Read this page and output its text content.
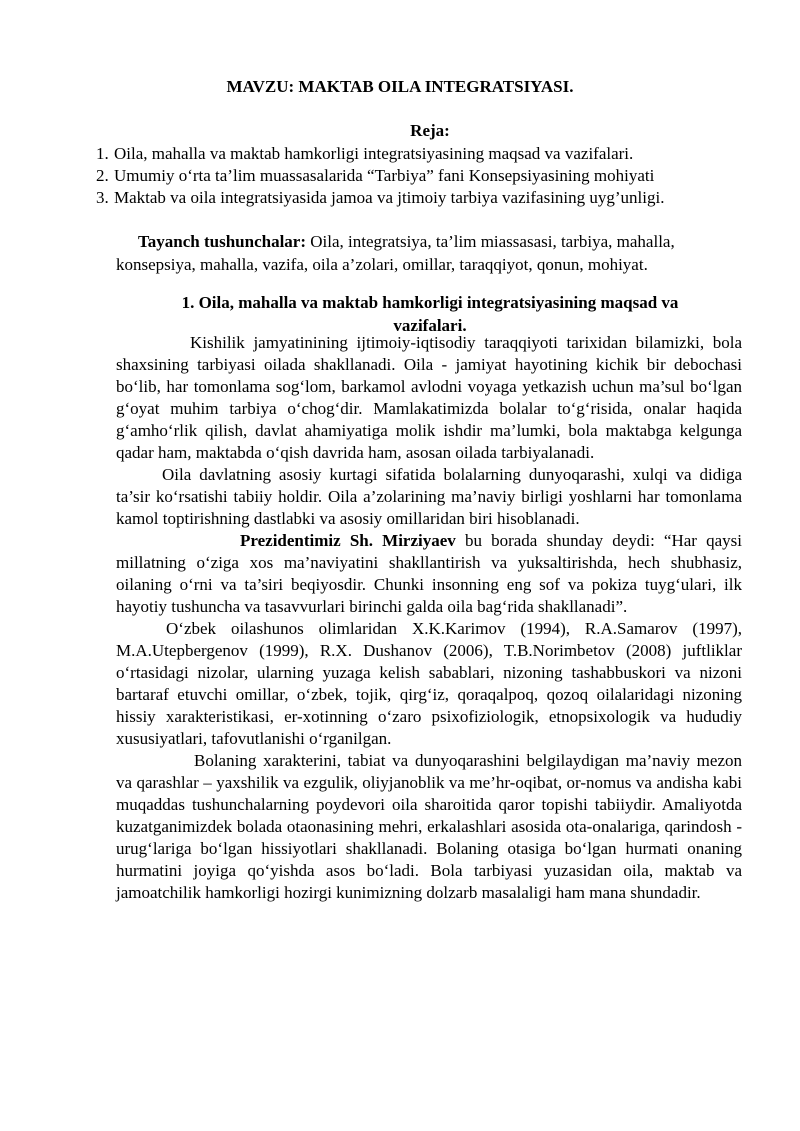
MAVZU: MAKTAB OILA INTEGRATSIYASI.
Reja:
1. Oila, mahalla va maktab hamkorligi integratsiyasining maqsad va vazifalari.
2. Umumiy o‘rta ta’lim muassasalarida “Tarbiya” fani Konsepsiyasining mohiyati
3. Maktab va oila integratsiyasida jamoa va jtimoiy tarbiya vazifasining uyg’unligi.

Tayanch tushunchalar: Oila, integratsiya, ta’lim miassasasi, tarbiya, mahalla, konsepsiya, mahalla, vazifa, oila a’zolari, omillar, taraqqiyot, qonun, mohiyat.

1. Oila, mahalla va maktab hamkorligi integratsiyasining maqsad va vazifalari.

Kishilik jamyatinining ijtimoiy-iqtisodiy taraqqiyoti tarixidan bilamizki, bola shaxsining tarbiyasi oilada shakllanadi. Oila - jamiyat hayotining kichik bir debochasi bo‘lib, har tomonlama sog‘lom, barkamol avlodni voyaga yetkazish uchun ma’sul bo‘lgan g‘oyat muhim tarbiya o‘chog‘dir. Mamlakatimizda bolalar to‘g‘risida, onalar haqida g‘amho‘rlik qilish, davlat ahamiyatiga molik ishdir ma’lumki, bola maktabga kelgunga qadar ham, maktabda o‘qish davrida ham, asosan oilada tarbiyalanadi.

Oila davlatning asosiy kurtagi sifatida bolalarning dunyoqarashi, xulqi va didiga ta’sir ko‘rsatishi tabiiy holdir. Oila a’zolarining ma’naviy birligi yoshlarni har tomonlama kamol toptirishning dastlabki va asosiy omillaridan biri hisoblanadi.

Prezidentimiz Sh. Mirziyaev bu borada shunday deydi: “Har qaysi millatning o‘ziga xos ma’naviyatini shakllantirish va yuksaltirishda, hech shubhasiz, oilaning o‘rni va ta’siri beqiyosdir. Chunki insonning eng sof va pokiza tuyg‘ulari, ilk hayotiy tushuncha va tasavvurlari birinchi galda oila bag‘rida shakllanadi”.

O‘zbek oilashunos olimlaridan X.K.Karimov (1994), R.A.Samarov (1997), M.A.Utepbergenov (1999), R.X. Dushanov (2006), T.B.Norimbetov (2008) juftliklar o‘rtasidagi nizolar, ularning yuzaga kelish sabablari, nizoning tashabbuskori va nizoni bartaraf etuvchi omillar, o‘zbek, tojik, qirg‘iz, qoraqalpoq, qozoq oilalaridagi nizoning hissiy xarakteristikasi, er-xotinning o‘zaro psixofiziologik, etnopsixologik va hududiy xususiyatlari, tafovutlanishi o‘rganilgan.

Bolaning xarakterini, tabiat va dunyoqarashini belgilaydigan ma’naviy mezon va qarashlar – yaxshilik va ezgulik, oliyjanoblik va me’hr-oqibat, or-nomus va andisha kabi muqaddas tushunchalarning poydevori oila sharoitida qaror topishi tabiiydir. Amaliyotda kuzatganimizdek bolada otaonasining mehri, erkalashlari asosida ota-onalariga, qarindosh -urug‘lariga bo‘lgan hissiyotlari shakllanadi. Bolaning otasiga bo‘lgan hurmati onaning hurmatini joyiga qo‘yishda asos bo‘ladi. Bola tarbiyasi yuzasidan oila, maktab va jamoatchilik hamkorligi hozirgi kunimizning dolzarb masalaligi ham mana shundadir.
